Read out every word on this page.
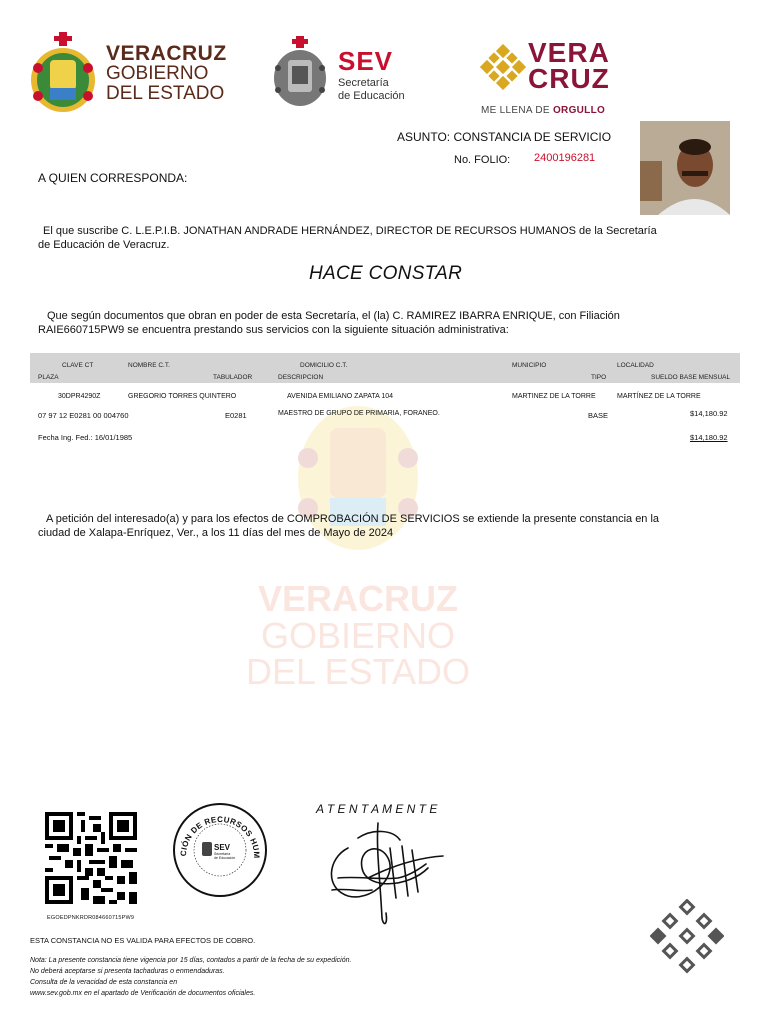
VERACRUZ
GOBIERNO
DEL ESTADO
VERACRUZ
GOBIERNO
DEL ESTADO
SEV
Secretaría
de Educación
VERA
CRUZ
ME LLENA DE ORGULLO
ASUNTO: CONSTANCIA DE SERVICIO
No. FOLIO: 2400196281
A QUIEN CORRESPONDA:
El que suscribe C. L.E.P.I.B. JONATHAN ANDRADE HERNÁNDEZ, DIRECTOR DE RECURSOS HUMANOS de la Secretaría
de Educación de Veracruz.
HACE CONSTAR
Que según documentos que obran en poder de esta Secretaría, el (la) C. RAMIREZ IBARRA ENRIQUE, con Filiación
RAIE660715PW9 se encuentra prestando sus servicios con la siguiente situación administrativa:
CLAVE CT	NOMBRE C.T.	DOMICILIO C.T.	MUNICIPIO	LOCALIDAD
PLAZA	TABULADOR	DESCRIPCION	TIPO	SUELDO BASE MENSUAL
30DPR4290Z	GREGORIO TORRES QUINTERO	AVENIDA EMILIANO ZAPATA 104	MARTINEZ DE LA TORRE	MARTÍNEZ DE LA TORRE
07 97 12 E0281 00 004760	E0281	MAESTRO DE GRUPO DE PRIMARIA, FORANEO.	BASE	$14,180.92
Fecha Ing. Fed.: 16/01/1985	$14,180.92
A petición del interesado(a) y para los efectos de COMPROBACIÓN DE SERVICIOS se extiende la presente constancia en la
ciudad de Xalapa-Enríquez, Ver., a los 11 días del mes de Mayo de 2024
EGOEDPNKRDR084660715PW9
CIÓN DE RECURSOS HUM
SEV
Secretaría
de Educación
A T E N T A M E N T E
ESTA CONSTANCIA NO ES VALIDA PARA EFECTOS DE COBRO.
Nota: La presente constancia tiene vigencia por 15 días, contados a partir de la fecha de su expedición.
No deberá aceptarse si presenta tachaduras o enmendaduras.
Consulta de la veracidad de esta constancia en
www.sev.gob.mx en el apartado de Verificación de documentos oficiales.
